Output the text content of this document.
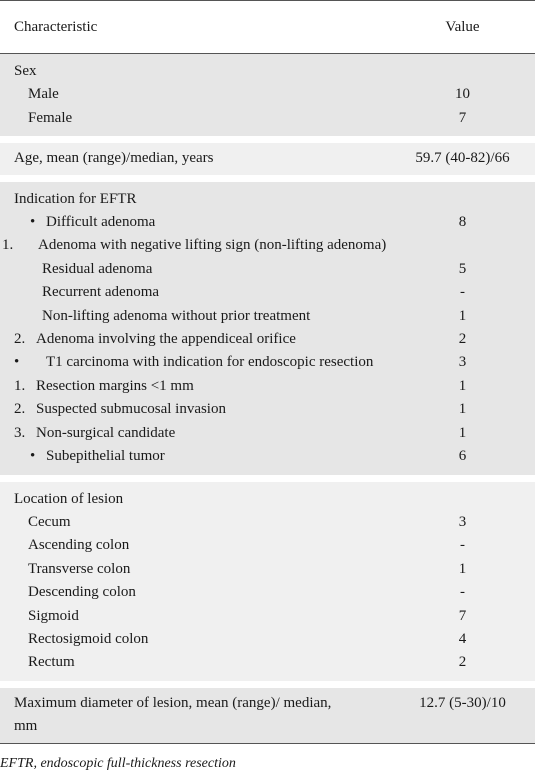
Characteristic	Value
Sex	
Male	10
Female	7

Age, mean (range)/median, years	59.7 (40-82)/66

Indication for EFTR	
• Difficult adenoma	8
1. Adenoma with negative lifting sign (non-lifting adenoma)	
Residual adenoma	5
Recurrent adenoma	-
Non-lifting adenoma without prior treatment	1
2. Adenoma involving the appendiceal orifice	2
• T1 carcinoma with indication for endoscopic resection	3
1. Resection margins <1 mm	1
2. Suspected submucosal invasion	1
3. Non-surgical candidate	1
• Subepithelial tumor	6

Location of lesion	
Cecum	3
Ascending colon	-
Transverse colon	1
Descending colon	-
Sigmoid	7
Rectosigmoid colon	4
Rectum	2

Maximum diameter of lesion, mean (range)/ median, mm	12.7 (5-30)/10
EFTR, endoscopic full-thickness resection
